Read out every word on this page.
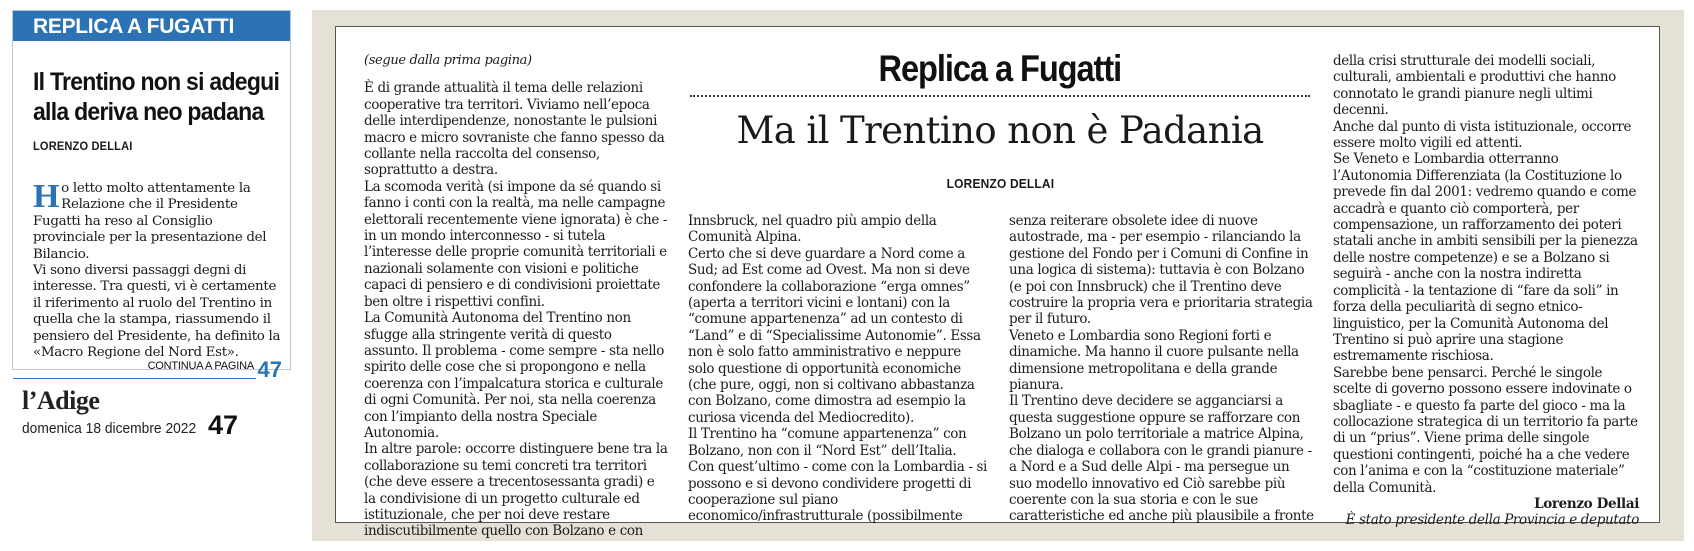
REPLICA A FUGATTI
Il Trentino non si adegui alla deriva neo padana
LORENZO DELLAI

Ho letto molto attentamente la Relazione che il Presidente Fugatti ha reso al Consiglio provinciale per la presentazione del Bilancio.

Vi sono diversi passaggi degni di interesse. Tra questi, vi è certamente il riferimento al ruolo del Trentino in quella che la stampa, riassumendo il pensiero del Presidente, ha definito la «Macro Regione del Nord Est».

CONTINUA A PAGINA 47
l’Adige
domenica 18 dicembre 2022 47

(segue dalla prima pagina)

È di grande attualità il tema delle relazioni cooperative tra territori. Viviamo nell’epoca delle interdipendenze, nonostante le pulsioni macro e micro sovraniste che fanno spesso da collante nella raccolta del consenso, soprattutto a destra.

La scomoda verità (si impone da sé quando si fanno i conti con la realtà, ma nelle campagne elettorali recentemente viene ignorata) è che - in un mondo interconnesso - si tutela l’interesse delle proprie comunità territoriali e nazionali solamente con visioni e politiche capaci di pensiero e di condivisioni proiettate ben oltre i rispettivi confini.

La Comunità Autonoma del Trentino non sfugge alla stringente verità di questo assunto. Il problema - come sempre - sta nello spirito delle cose che si propongono e nella coerenza con l’impalcatura storica e culturale di ogni Comunità. Per noi, sta nella coerenza con l’impianto della nostra Speciale Autonomia.

In altre parole: occorre distinguere bene tra la collaborazione su temi concreti tra territori (che deve essere a trecentosessanta gradi) e la condivisione di un progetto culturale ed istituzionale, che per noi deve restare indiscutibilmente quello con Bolzano e con

Replica a Fugatti
Ma il Trentino non è Padania
LORENZO DELLAI

Innsbruck, nel quadro più ampio della Comunità Alpina.

Certo che si deve guardare a Nord come a Sud; ad Est come ad Ovest. Ma non si deve confondere la collaborazione “erga omnes” (aperta a territori vicini e lontani) con la “comune appartenenza” ad un contesto di “Land” e di “Specialissime Autonomie”. Essa non è solo fatto amministrativo e neppure solo questione di opportunità economiche (che pure, oggi, non si coltivano abbastanza con Bolzano, come dimostra ad esempio la curiosa vicenda del Mediocredito).

Il Trentino ha “comune appartenenza” con Bolzano, non con il “Nord Est” dell’Italia.

Con quest’ultimo - come con la Lombardia - si possono e si devono condividere progetti di cooperazione sul piano economico/infrastrutturale (possibilmente

senza reiterare obsolete idee di nuove autostrade, ma - per esempio - rilanciando la gestione del Fondo per i Comuni di Confine in una logica di sistema): tuttavia è con Bolzano (e poi con Innsbruck) che il Trentino deve costruire la propria vera e prioritaria strategia per il futuro.

Veneto e Lombardia sono Regioni forti e dinamiche. Ma hanno il cuore pulsante nella dimensione metropolitana e della grande pianura.

Il Trentino deve decidere se agganciarsi a questa suggestione oppure se rafforzare con Bolzano un polo territoriale a matrice Alpina, che dialoga e collabora con le grandi pianure - a Nord e a Sud delle Alpi - ma persegue un suo modello innovativo ed Ciò sarebbe più coerente con la sua storia e con le sue caratteristiche ed anche più plausibile a fronte

della crisi strutturale dei modelli sociali, culturali, ambientali e produttivi che hanno connotato le grandi pianure negli ultimi decenni.

Anche dal punto di vista istituzionale, occorre essere molto vigili ed attenti.

Se Veneto e Lombardia otterranno l’Autonomia Differenziata (la Costituzione lo prevede fin dal 2001: vedremo quando e come accadrà e quanto ciò comporterà, per compensazione, un rafforzamento dei poteri statali anche in ambiti sensibili per la pienezza delle nostre competenze) e se a Bolzano si seguirà - anche con la nostra indiretta complicità - la tentazione di “fare da soli” in forza della peculiarità di segno etnico-linguistico, per la Comunità Autonoma del Trentino si può aprire una stagione estremamente rischiosa.

Sarebbe bene pensarci. Perché le singole scelte di governo possono essere indovinate o sbagliate - e questo fa parte del gioco - ma la collocazione strategica di un territorio fa parte di un “prius”. Viene prima delle singole questioni contingenti, poiché ha a che vedere con l’anima e con la “costituzione materiale” della Comunità.

Lorenzo Dellai

È stato presidente della Provincia e deputato
